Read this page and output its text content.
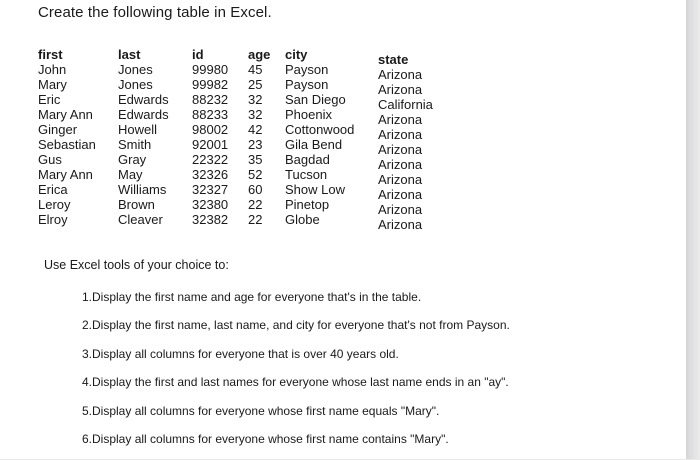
Create the following table in Excel.
first
John
Mary
Eric
Mary Ann
Ginger
Sebastian
Gus
Mary Ann
Erica
Leroy
Elroy
last
Jones
Jones
Edwards
Edwards
Howell
Smith
Gray
May
Williams
Brown
Cleaver
id
99980
99982
88232
88233
98002
92001
22322
32326
32327
32380
32382
age
45
25
32
32
42
23
35
52
60
22
22
city
Payson
Payson
San Diego
Phoenix
Cottonwood
Gila Bend
Bagdad
Tucson
Show Low
Pinetop
Globe
state
Arizona
Arizona
California
Arizona
Arizona
Arizona
Arizona
Arizona
Arizona
Arizona
Arizona
Use Excel tools of your choice to:
1.Display the first name and age for everyone that's in the table.
2.Display the first name, last name, and city for everyone that's not from Payson.
3.Display all columns for everyone that is over 40 years old.
4.Display the first and last names for everyone whose last name ends in an "ay".
5.Display all columns for everyone whose first name equals "Mary".
6.Display all columns for everyone whose first name contains "Mary".
